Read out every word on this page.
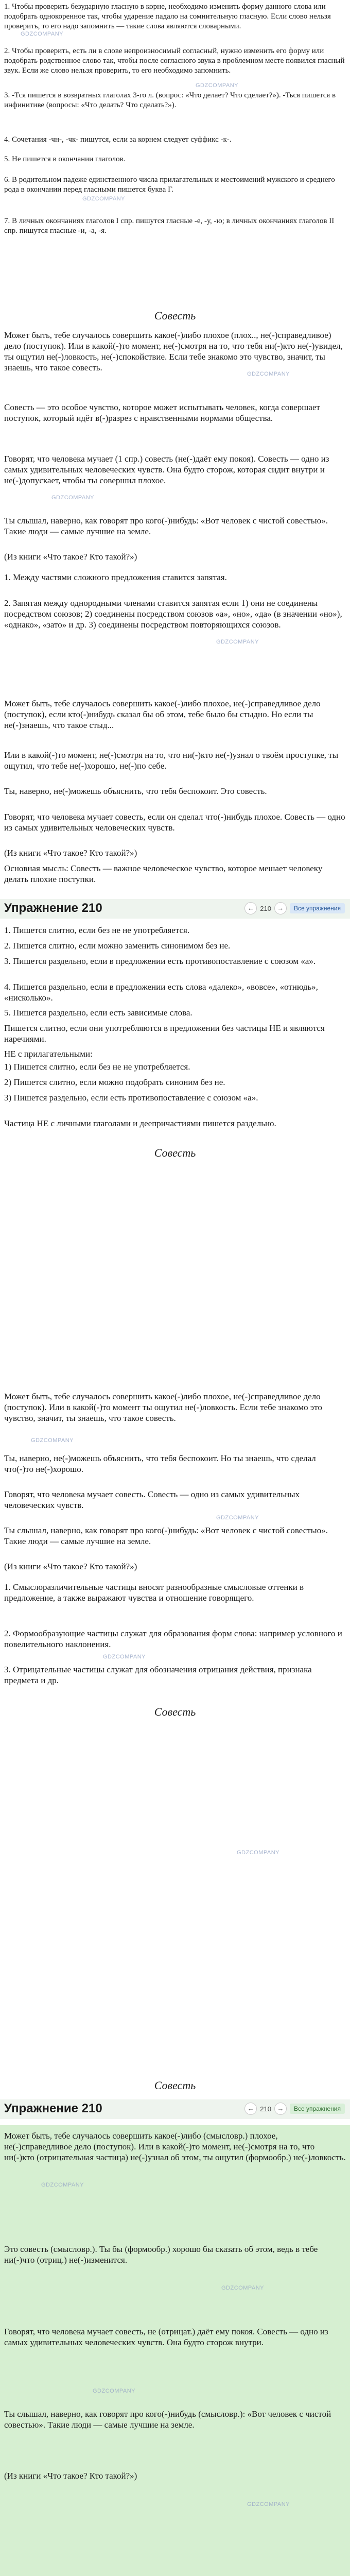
Совесть
1. Чтобы проверить безударную гласную в корне, необходимо изменить форму данного слова или подобрать однокоренное так, чтобы ударение падало на сомнительную гласную. Если слово нельзя проверить, то его надо запомнить — такие слова являются словарными.
2. Чтобы проверить, есть ли в слове непроизносимый согласный, нужно изменить его форму или подобрать родственное слово так, чтобы после согласного звука в проблемном месте появился гласный звук. Если же слово нельзя проверить, то его необходимо запомнить.
3. -Тся пишется в возвратных глаголах 3-го л. (вопрос: «Что делает? Что сделает?»). -Ться пишется в инфинитиве (вопросы: «Что делать? Что сделать?»).
4. Сочетания -чн-, -чк- пишутся, если за корнем следует суффикс -к-.
5. Не пишется в окончании глаголов.
6. В родительном падеже единственного числа прилагательных и местоимений мужского и среднего рода в окончании перед гласными пишется буква Г.
7. В личных окончаниях глаголов I спр. пишутся гласные -е, -у, -ю; в личных окончаниях глаголов II спр. пишутся гласные -и, -а, -я.
Может быть, тебе случалось совершить какое(-)либо плохое (плох.., не(-)справедливое) дело (поступок). Или в какой(-)то момент, не(-)смотря на то, что тебя ни(-)кто не(-)увидел, ты ощутил не(-)ловкость, не(-)спокойствие. Если тебе знакомо это чувство, значит, ты знаешь, что такое совесть.
Совесть — это особое чувство, которое может испытывать человек, когда совершает поступок, который идёт в(-)разрез с нравственными нормами общества.
Говорят, что человека мучает (1 спр.) совесть (не(-)даёт ему покоя). Совесть — одно из самых удивительных человеческих чувств. Она будто сторож, которая сидит внутри и не(-)допускает, чтобы ты совершил плохое.
Ты слышал, наверно, как говорят про кого(-)нибудь: «Вот человек с чистой совестью». Такие люди — самые лучшие на земле.
(Из книги «Что такое? Кто такой?»)
1. Между частями сложного предложения ставится запятая.
2. Запятая между однородными членами ставится запятая если 1) они не соединены посредством союзов; 2) соединены посредством союзов «а», «но», «да» (в значении «но»), «однако», «зато» и др. 3) соединены посредством повторяющихся союзов.
GDZCOMPANY
GDZCOMPANY
GDZCOMPANY
GDZCOMPANY
GDZCOMPANY
GDZCOMPANY
Может быть, тебе случалось совершить какое(-)либо плохое, не(-)справедливое дело (поступок), если кто(-)нибудь сказал бы об этом, тебе было бы стыдно. Но если ты не(-)знаешь, что такое стыд...
Или в какой(-)то момент, не(-)смотря на то, что ни(-)кто не(-)узнал о твоём проступке, ты ощутил, что тебе не(-)хорошо, не(-)по себе.
Ты, наверно, не(-)можешь объяснить, что тебя беспокоит. Это совесть.
Говорят, что человека мучает совесть, если он сделал что(-)нибудь плохое. Совесть — одно из самых удивительных человеческих чувств.
(Из книги «Что такое? Кто такой?»)
Основная мысль: Совесть — важное человеческое чувство, которое мешает человеку делать плохие поступки.
Упражнение 210	← 210 →	Все упражнения
1. Пишется слитно, если без не не употребляется.
2. Пишется слитно, если можно заменить синонимом без не.
3. Пишется раздельно, если в предложении есть противопоставление с союзом «а».
4. Пишется раздельно, если в предложении есть слова «далеко», «вовсе», «отнюдь», «нисколько».
5. Пишется раздельно, если есть зависимые слова.
Пишется слитно, если они употребляются в предложении без частицы НЕ и являются наречиями.
НЕ с прилагательными:
1) Пишется слитно, если без не не употребляется.
2) Пишется слитно, если можно подобрать синоним без не.
3) Пишется раздельно, если есть противопоставление с союзом «а».
Частица НЕ с личными глаголами и деепричастиями пишется раздельно.
Совесть
Может быть, тебе случалось совершить какое(-)либо плохое, не(-)справедливое дело (поступок). Или в какой(-)то момент ты ощутил не(-)ловкость. Если тебе знакомо это чувство, значит, ты знаешь, что такое совесть.
Ты, наверно, не(-)можешь объяснить, что тебя беспокоит. Но ты знаешь, что сделал что(-)то не(-)хорошо.
Говорят, что человека мучает совесть. Совесть — одно из самых удивительных человеческих чувств.
Ты слышал, наверно, как говорят про кого(-)нибудь: «Вот человек с чистой совестью». Такие люди — самые лучшие на земле.
(Из книги «Что такое? Кто такой?»)
1. Смыслоразличительные частицы вносят разнообразные смысловые оттенки в предложение, а также выражают чувства и отношение говорящего.
2. Формообразующие частицы служат для образования форм слова: например условного и повелительного наклонения.
3. Отрицательные частицы служат для обозначения отрицания действия, признака предмета и др.
Совесть
GDZCOMPANY
GDZCOMPANY
GDZCOMPANY
GDZCOMPANY
Совесть
Упражнение 210	← 210 →	Все упражнения
Может быть, тебе случалось совершить какое(-)либо (смысловр.) плохое, не(-)справедливое дело (поступок). Или в какой(-)то момент, не(-)смотря на то, что ни(-)кто (отрицательная частица) не(-)узнал об этом, ты ощутил (формообр.) не(-)ловкость.
Это совесть (смысловр.). Ты бы (формообр.) хорошо бы сказать об этом, ведь в тебе ни(-)что (отриц.) не(-)изменится.
Говорят, что человека мучает совесть, не (отрицат.) даёт ему покоя. Совесть — одно из самых удивительных человеческих чувств. Она будто сторож внутри.
Ты слышал, наверно, как говорят про кого(-)нибудь (смысловр.): «Вот человек с чистой совестью». Такие люди — самые лучшие на земле.
(Из книги «Что такое? Кто такой?»)
GDZCOMPANY
GDZCOMPANY
GDZCOMPANY
GDZCOMPANY
